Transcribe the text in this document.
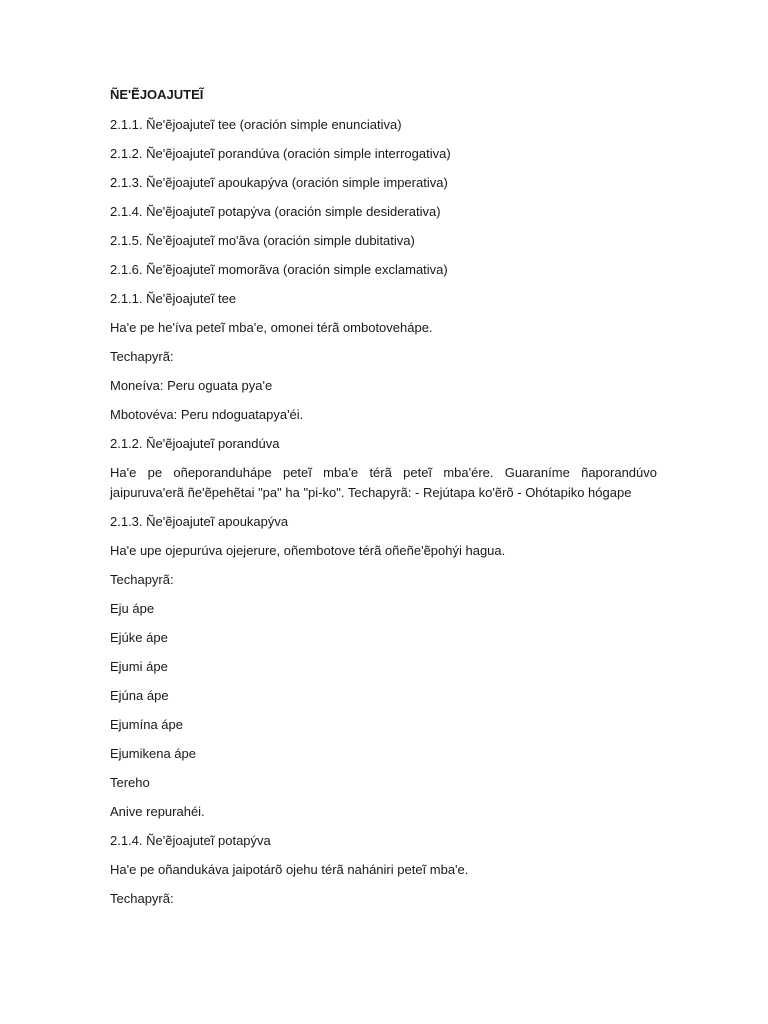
ÑE'ẼJOAJUTEĨ

2.1.1. Ñe'ẽjoajuteĩ tee (oración simple enunciativa)

2.1.2. Ñe'ẽjoajuteĩ porandúva (oración simple interrogativa)

2.1.3. Ñe'ẽjoajuteĩ apoukapýva (oración simple imperativa)

2.1.4. Ñe'ẽjoajuteĩ potapýva (oración simple desiderativa)

2.1.5. Ñe'ẽjoajuteĩ mo'ãva (oración simple dubitativa)

2.1.6. Ñe'ẽjoajuteĩ momorãva (oración simple exclamativa)

2.1.1. Ñe'ẽjoajuteĩ tee

Ha'e pe he'íva peteĩ mba'e, omonei térã ombotovehápe.

Techapyrã:

Moneíva: Peru oguata pya'e

Mbotovéva: Peru ndoguatapya'éi.

2.1.2. Ñe'ẽjoajuteĩ porandúva

Ha'e pe oñeporanduhápe peteĩ mba'e térã peteĩ mba'ére. Guaraníme ñaporandúvo jaipuruva'erã ñe'ẽpehẽtai "pa" ha "pi-ko". Techapyrã: - Rejútapa ko'ẽrõ - Ohótapiko hógape

2.1.3. Ñe'ẽjoajuteĩ apoukapýva

Ha'e upe ojepurúva ojejerure, oñembotove térã oñeñe'ẽpohýi hagua.

Techapyrã:

Eju ápe

Ejúke ápe

Ejumi ápe

Ejúna ápe

Ejumína ápe

Ejumikena ápe

Tereho

Anive repurahéi.

2.1.4. Ñe'ẽjoajuteĩ potapýva

Ha'e pe oñandukáva jaipotárõ ojehu térã nahániri peteĩ mba'e.

Techapyrã:
